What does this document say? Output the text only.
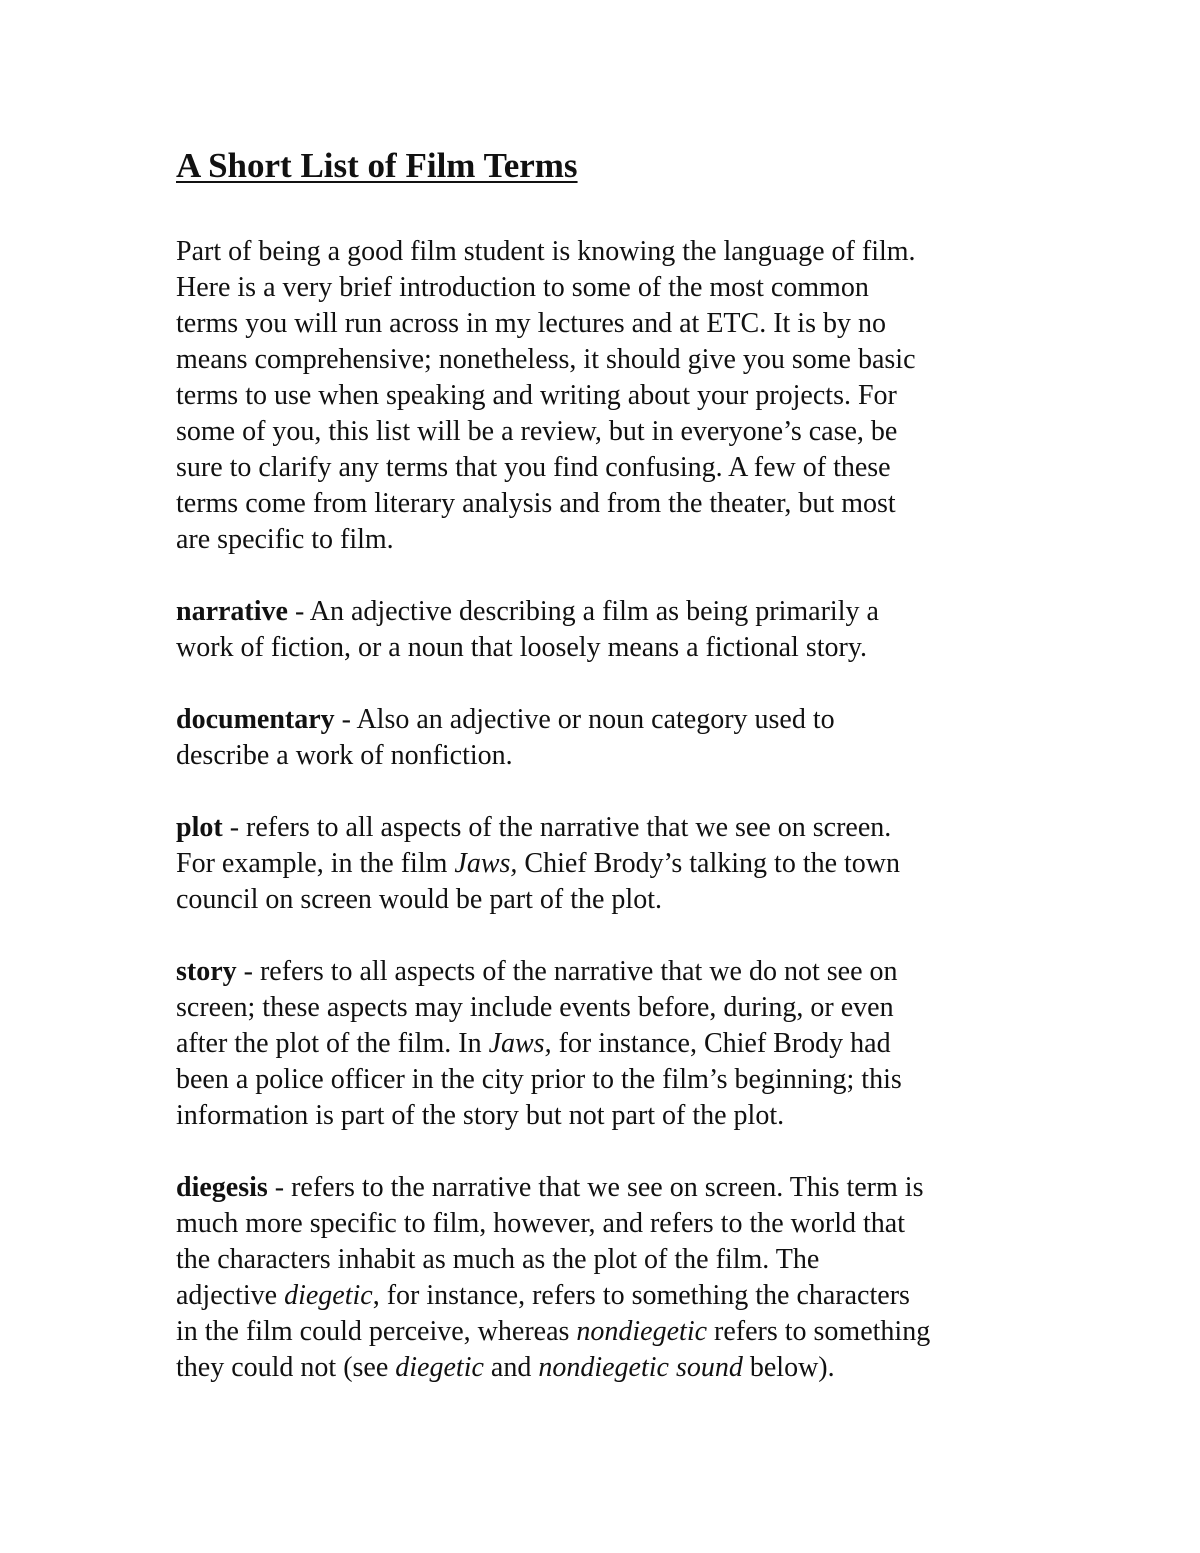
A Short List of Film Terms

Part of being a good film student is knowing the language of film.
Here is a very brief introduction to some of the most common
terms you will run across in my lectures and at ETC. It is by no
means comprehensive; nonetheless, it should give you some basic
terms to use when speaking and writing about your projects. For
some of you, this list will be a review, but in everyone’s case, be
sure to clarify any terms that you find confusing. A few of these
terms come from literary analysis and from the theater, but most
are specific to film.

narrative - An adjective describing a film as being primarily a
work of fiction, or a noun that loosely means a fictional story.

documentary - Also an adjective or noun category used to
describe a work of nonfiction.

plot - refers to all aspects of the narrative that we see on screen.
For example, in the film Jaws, Chief Brody’s talking to the town
council on screen would be part of the plot.

story - refers to all aspects of the narrative that we do not see on
screen; these aspects may include events before, during, or even
after the plot of the film. In Jaws, for instance, Chief Brody had
been a police officer in the city prior to the film’s beginning; this
information is part of the story but not part of the plot.

diegesis - refers to the narrative that we see on screen. This term is
much more specific to film, however, and refers to the world that
the characters inhabit as much as the plot of the film. The
adjective diegetic, for instance, refers to something the characters
in the film could perceive, whereas nondiegetic refers to something
they could not (see diegetic and nondiegetic sound below).
